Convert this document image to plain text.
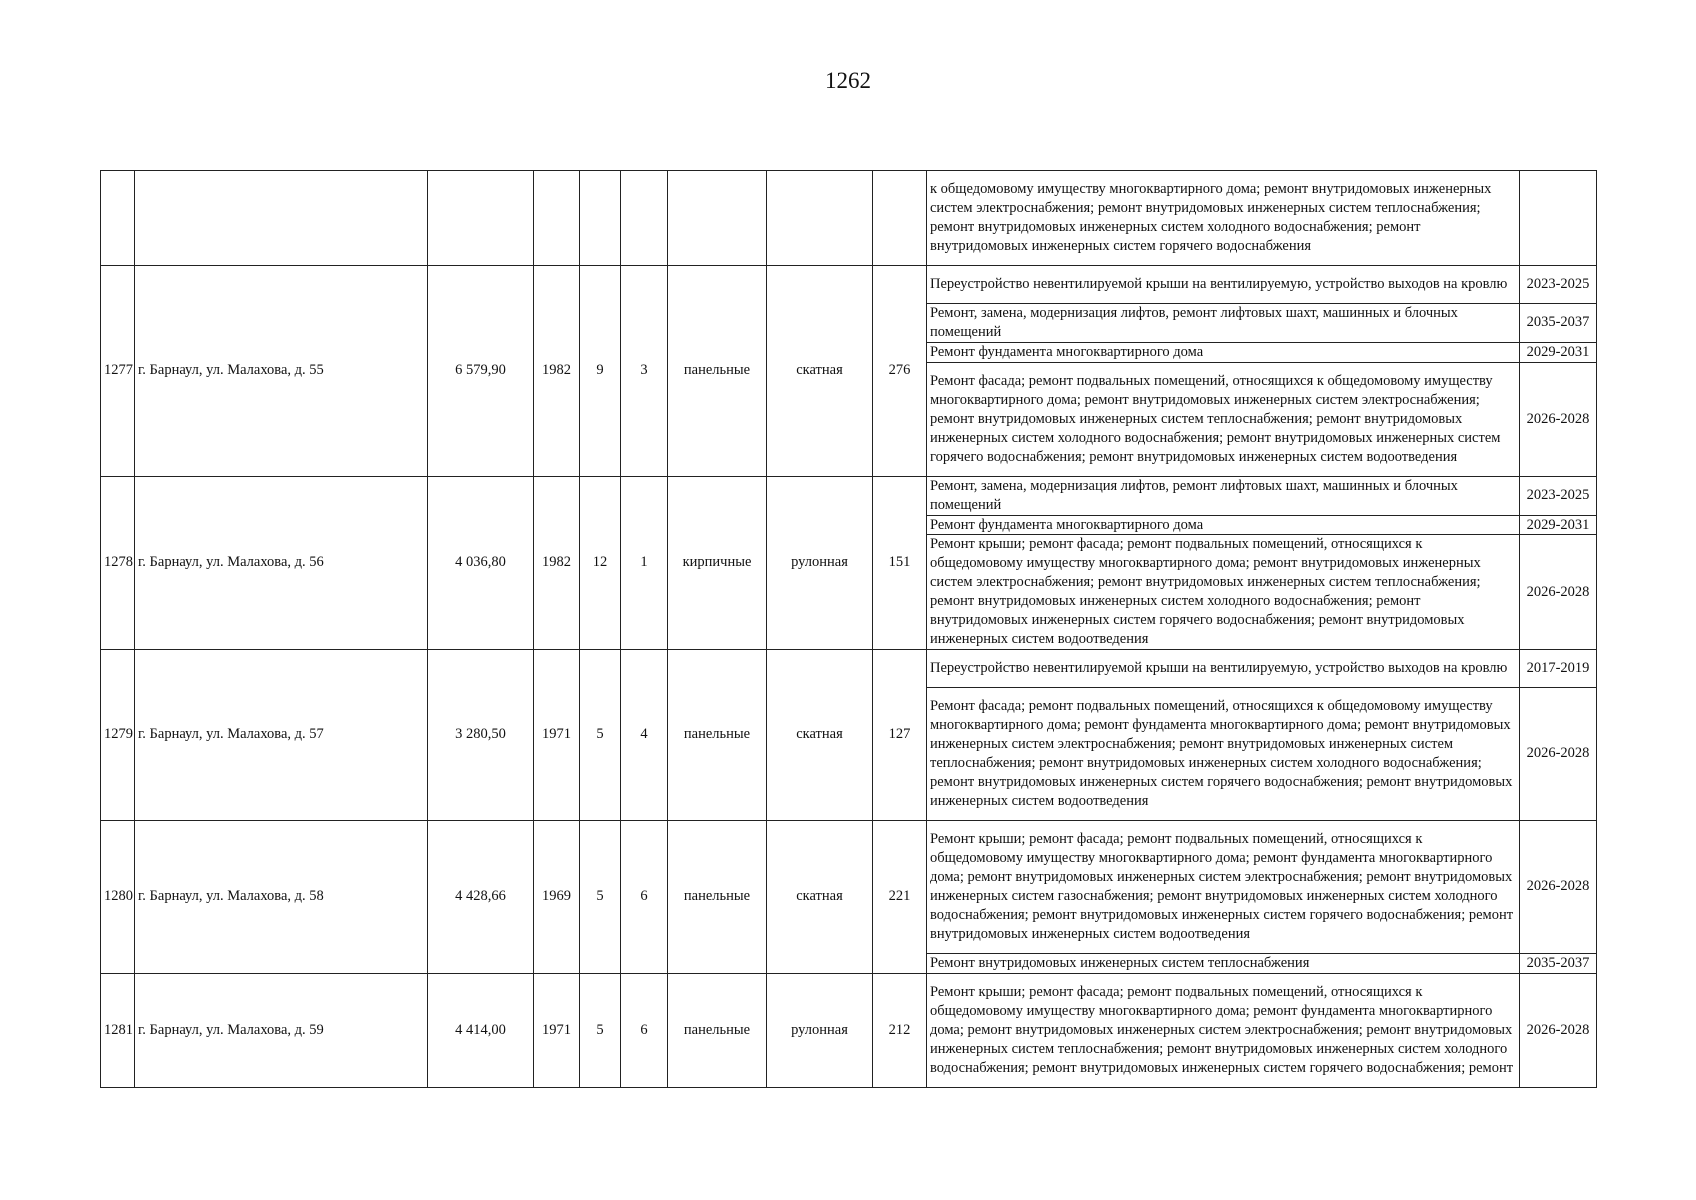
1262
									к общедомовому имуществу многоквартирного дома; ремонт внутридомовых инженерных систем электроснабжения; ремонт внутридомовых инженерных систем теплоснабжения; ремонт внутридомовых инженерных систем холодного водоснабжения; ремонт внутридомовых инженерных систем горячего водоснабжения	
1277	г. Барнаул, ул. Малахова, д. 55	6 579,90	1982	9	3	панельные	скатная	276	Переустройство невентилируемой крыши на вентилируемую, устройство выходов на кровлю	2023-2025
									Ремонт, замена, модернизация лифтов, ремонт лифтовых шахт, машинных и блочных помещений	2035-2037
									Ремонт фундамента многоквартирного дома	2029-2031
									Ремонт фасада; ремонт подвальных помещений, относящихся к общедомовому имуществу многоквартирного дома; ремонт внутридомовых инженерных систем электроснабжения; ремонт внутридомовых инженерных систем теплоснабжения; ремонт внутридомовых инженерных систем холодного водоснабжения; ремонт внутридомовых инженерных систем горячего водоснабжения; ремонт внутридомовых инженерных систем водоотведения	2026-2028
1278	г. Барнаул, ул. Малахова, д. 56	4 036,80	1982	12	1	кирпичные	рулонная	151	Ремонт, замена, модернизация лифтов, ремонт лифтовых шахт, машинных и блочных помещений	2023-2025
									Ремонт фундамента многоквартирного дома	2029-2031
									Ремонт крыши; ремонт фасада; ремонт подвальных помещений, относящихся к общедомовому имуществу многоквартирного дома; ремонт внутридомовых инженерных систем электроснабжения; ремонт внутридомовых инженерных систем теплоснабжения; ремонт внутридомовых инженерных систем холодного водоснабжения; ремонт внутридомовых инженерных систем горячего водоснабжения; ремонт внутридомовых инженерных систем водоотведения	2026-2028
1279	г. Барнаул, ул. Малахова, д. 57	3 280,50	1971	5	4	панельные	скатная	127	Переустройство невентилируемой крыши на вентилируемую, устройство выходов на кровлю	2017-2019
									Ремонт фасада; ремонт подвальных помещений, относящихся к общедомовому имуществу многоквартирного дома; ремонт фундамента многоквартирного дома; ремонт внутридомовых инженерных систем электроснабжения; ремонт внутридомовых инженерных систем теплоснабжения; ремонт внутридомовых инженерных систем холодного водоснабжения; ремонт внутридомовых инженерных систем горячего водоснабжения; ремонт внутридомовых инженерных систем водоотведения	2026-2028
1280	г. Барнаул, ул. Малахова, д. 58	4 428,66	1969	5	6	панельные	скатная	221	Ремонт крыши; ремонт фасада; ремонт подвальных помещений, относящихся к общедомовому имуществу многоквартирного дома; ремонт фундамента многоквартирного дома; ремонт внутридомовых инженерных систем электроснабжения; ремонт внутридомовых инженерных систем газоснабжения; ремонт внутридомовых инженерных систем холодного водоснабжения; ремонт внутридомовых инженерных систем горячего водоснабжения; ремонт внутридомовых инженерных систем водоотведения	2026-2028
									Ремонт внутридомовых инженерных систем теплоснабжения	2035-2037
1281	г. Барнаул, ул. Малахова, д. 59	4 414,00	1971	5	6	панельные	рулонная	212	Ремонт крыши; ремонт фасада; ремонт подвальных помещений, относящихся к общедомовому имуществу многоквартирного дома; ремонт фундамента многоквартирного дома; ремонт внутридомовых инженерных систем электроснабжения; ремонт внутридомовых инженерных систем теплоснабжения; ремонт внутридомовых инженерных систем холодного водоснабжения; ремонт внутридомовых инженерных систем горячего водоснабжения; ремонт	2026-2028
